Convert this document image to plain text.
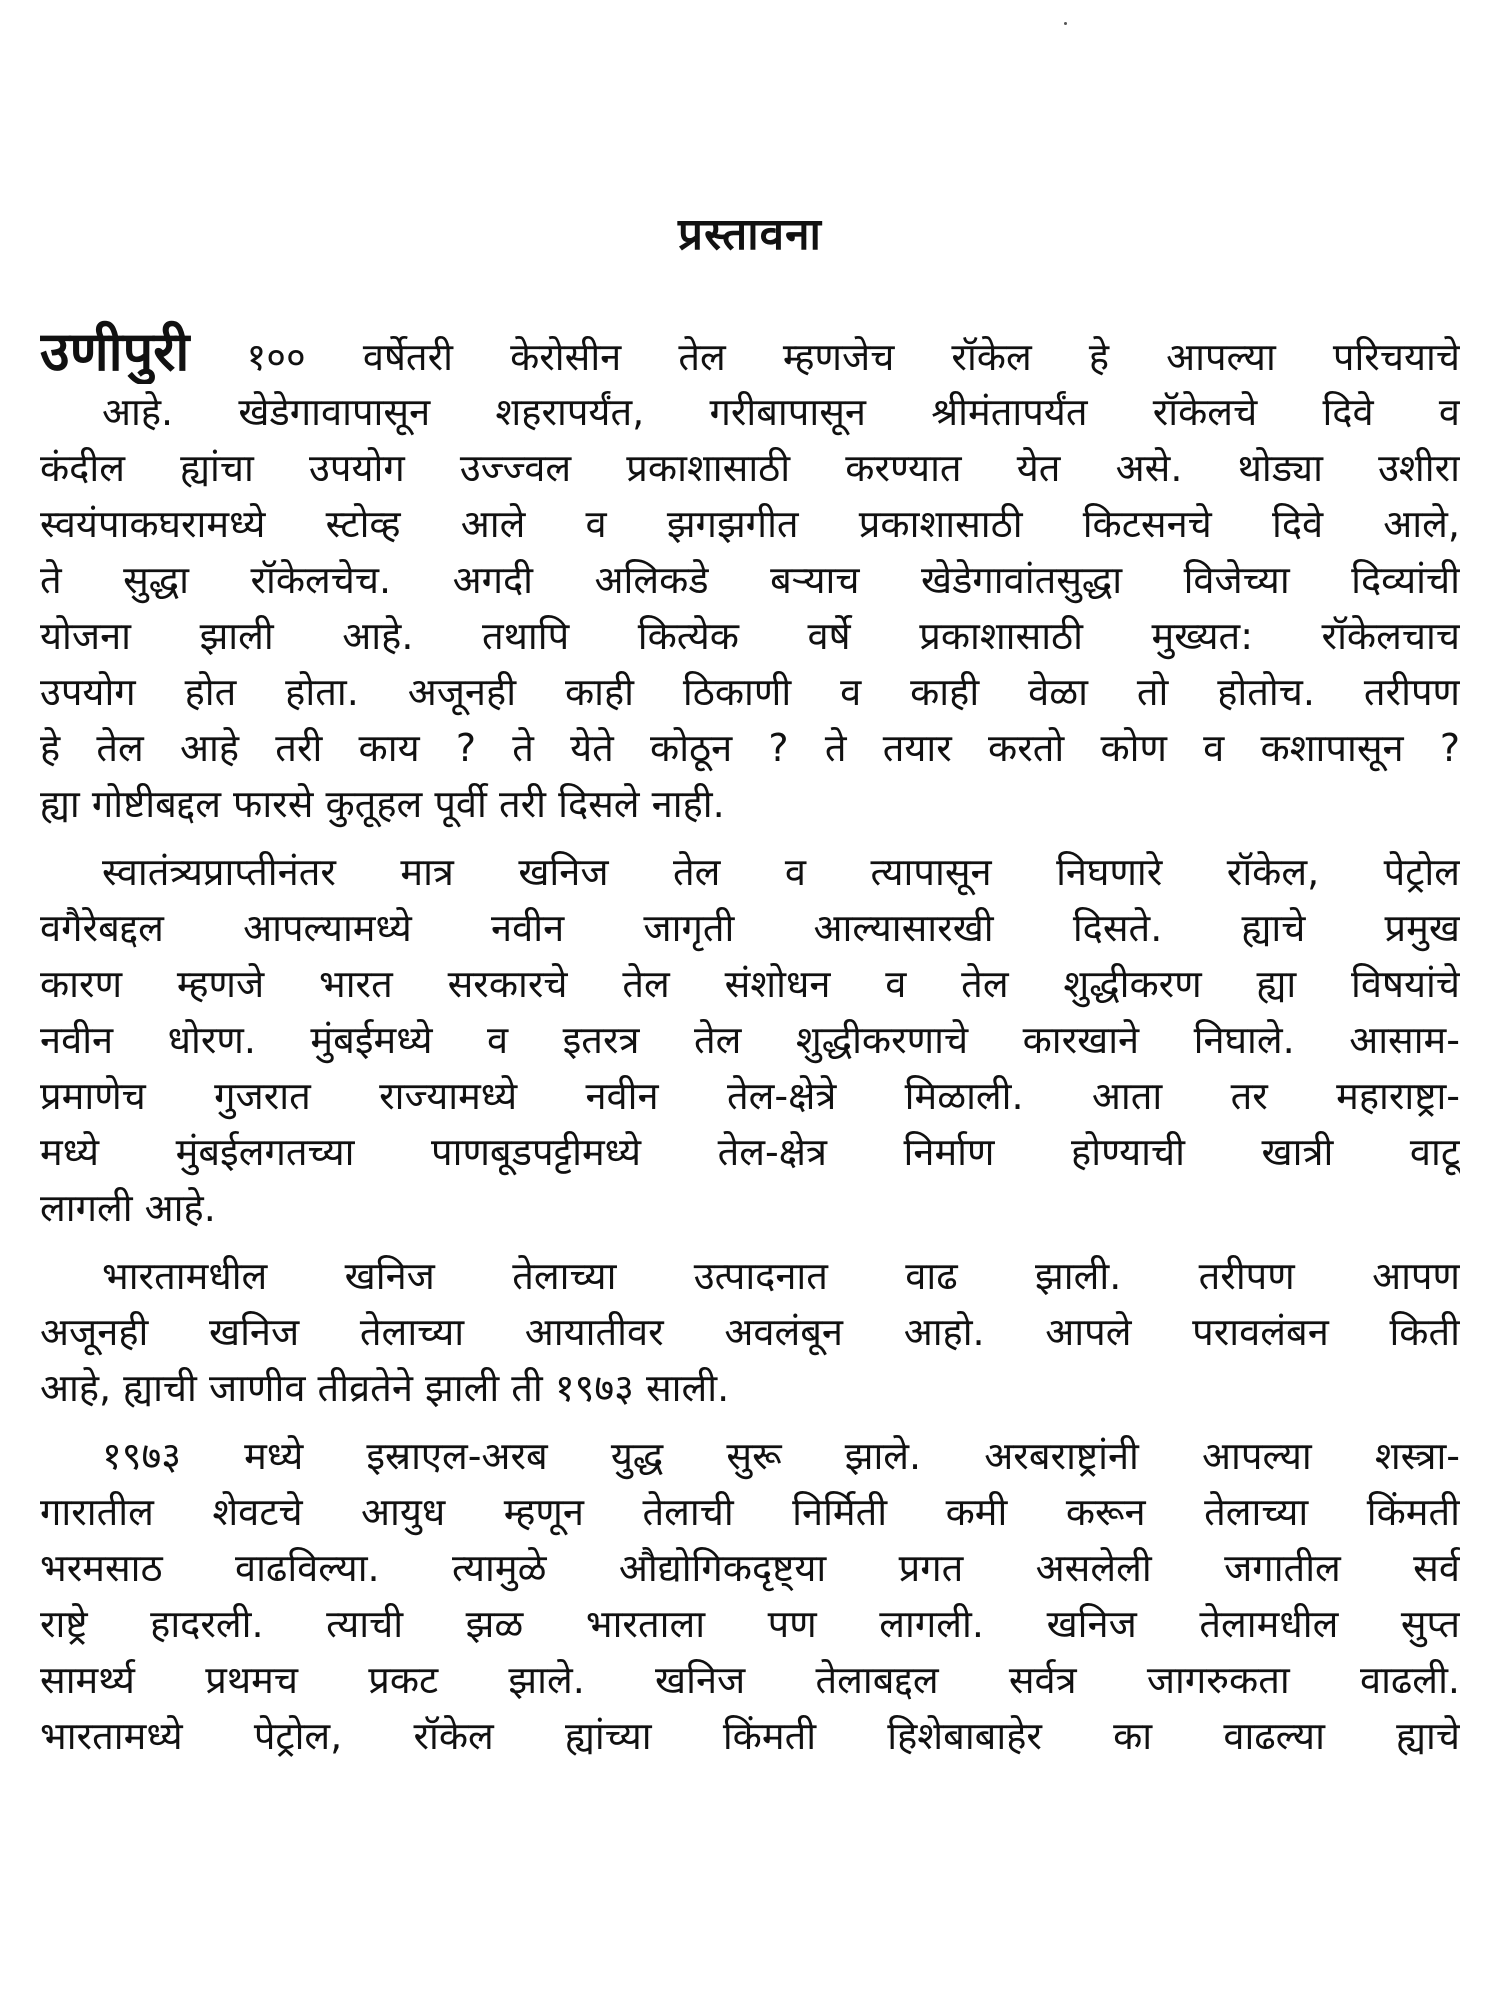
प्रस्तावना
उणीपुरी १०० वर्षेतरी केरोसीन तेल म्हणजेच रॉकेल हे आपल्या परिचयाचे
आहे. खेडेगावापासून शहरापर्यंत, गरीबापासून श्रीमंतापर्यंत रॉकेलचे दिवे व
कंदील ह्यांचा उपयोग उज्ज्वल प्रकाशासाठी करण्यात येत असे. थोड्या उशीरा
स्वयंपाकघरामध्ये स्टोव्ह आले व झगझगीत प्रकाशासाठी किटसनचे दिवे आले,
ते सुद्धा रॉकेलचेच. अगदी अलिकडे बऱ्याच खेडेगावांतसुद्धा विजेच्या दिव्यांची
योजना झाली आहे. तथापि कित्येक वर्षे प्रकाशासाठी मुख्यत: रॉकेलचाच
उपयोग होत होता. अजूनही काही ठिकाणी व काही वेळा तो होतोच. तरीपण
हे तेल आहे तरी काय ? ते येते कोठून ? ते तयार करतो कोण व कशापासून ?
ह्या गोष्टीबद्दल फारसे कुतूहल पूर्वी तरी दिसले नाही.
स्वातंत्र्यप्राप्तीनंतर मात्र खनिज तेल व त्यापासून निघणारे रॉकेल, पेट्रोल
वगैरेबद्दल आपल्यामध्ये नवीन जागृती आल्यासारखी दिसते. ह्याचे प्रमुख
कारण म्हणजे भारत सरकारचे तेल संशोधन व तेल शुद्धीकरण ह्या विषयांचे
नवीन धोरण. मुंबईमध्ये व इतरत्र तेल शुद्धीकरणाचे कारखाने निघाले. आसाम-
प्रमाणेच गुजरात राज्यामध्ये नवीन तेल-क्षेत्रे मिळाली. आता तर महाराष्ट्रा-
मध्ये मुंबईलगतच्या पाणबूडपट्टीमध्ये तेल-क्षेत्र निर्माण होण्याची खात्री वाटू
लागली आहे.
भारतामधील खनिज तेलाच्या उत्पादनात वाढ झाली. तरीपण आपण
अजूनही खनिज तेलाच्या आयातीवर अवलंबून आहो. आपले परावलंबन किती
आहे, ह्याची जाणीव तीव्रतेने झाली ती १९७३ साली.
१९७३ मध्ये इस्राएल-अरब युद्ध सुरू झाले. अरबराष्ट्रांनी आपल्या शस्त्रा-
गारातील शेवटचे आयुध म्हणून तेलाची निर्मिती कमी करून तेलाच्या किंमती
भरमसाठ वाढविल्या. त्यामुळे औद्योगिकदृष्ट्या प्रगत असलेली जगातील सर्व
राष्ट्रे हादरली. त्याची झळ भारताला पण लागली. खनिज तेलामधील सुप्त
सामर्थ्य प्रथमच प्रकट झाले. खनिज तेलाबद्दल सर्वत्र जागरुकता वाढली.
भारतामध्ये पेट्रोल, रॉकेल ह्यांच्या किंमती हिशेबाबाहेर का वाढल्या ह्याचे
